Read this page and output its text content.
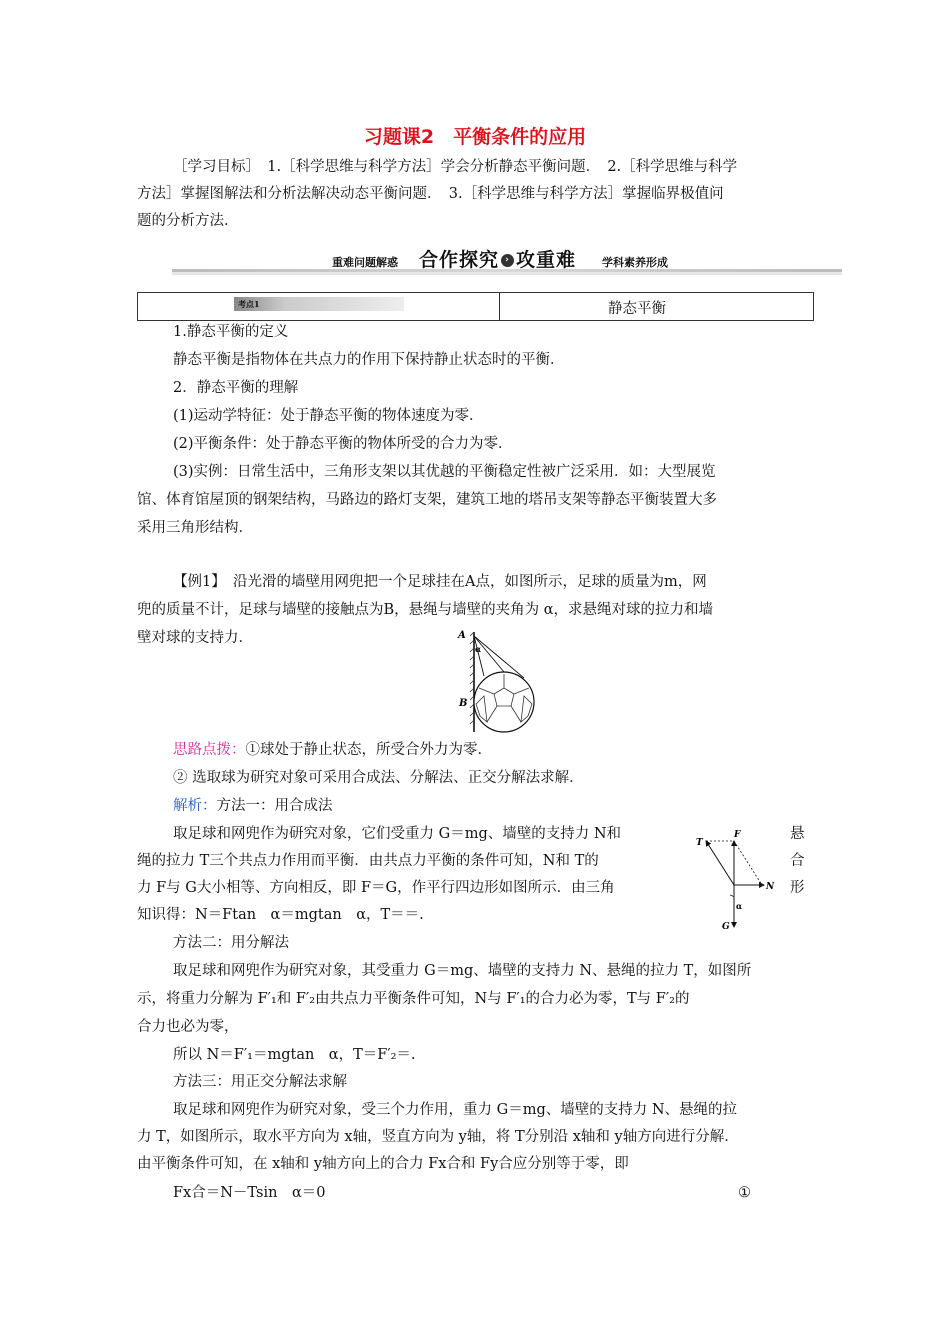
习题课2　平衡条件的应用
［学习目标］　1.［科学思维与科学方法］学会分析静态平衡问题．　2.［科学思维与科学
方法］掌握图解法和分析法解决动态平衡问题．　3.［科学思维与科学方法］掌握临界极值问
题的分析方法．
重难问题解惑 合作探究 › 攻重难 学科素养形成
考点1	静态平衡
1.静态平衡的定义
静态平衡是指物体在共点力的作用下保持静止状态时的平衡．
2．静态平衡的理解
(1)运动学特征：处于静态平衡的物体速度为零．
(2)平衡条件：处于静态平衡的物体所受的合力为零．
(3)实例：日常生活中，三角形支架以其优越的平衡稳定性被广泛采用．如：大型展览
馆、体育馆屋顶的钢架结构，马路边的路灯支架，建筑工地的塔吊支架等静态平衡装置大多
采用三角形结构．
【例1】　沿光滑的墙壁用网兜把一个足球挂在A点，如图所示，足球的质量为m，网
兜的质量不计，足球与墙壁的接触点为B，悬绳与墙壁的夹角为 α，求悬绳对球的拉力和墙
壁对球的支持力．	A
B
α
思路点拨：①球处于静止状态，所受合外力为零．
② 选取球为研究对象可采用合成法、分解法、正交分解法求解．
解析：方法一：用合成法
取足球和网兜作为研究对象，它们受重力 G＝mg、墙壁的支持力 N和
绳的拉力 T三个共点力作用而平衡．由共点力平衡的条件可知，N和 T的
力 F与 G大小相等、方向相反，即 F＝G，作平行四边形如图所示．由三角
知识得：N＝Ftan　α＝mgtan　α，T＝＝.
悬
合
形
T
F
N
G
α
方法二：用分解法
取足球和网兜作为研究对象，其受重力 G＝mg、墙壁的支持力 N、悬绳的拉力 T，如图所
示，将重力分解为 F′₁和 F′₂由共点力平衡条件可知，N与 F′₁的合力必为零，T与 F′₂的
合力也必为零，
所以 N＝F′₁＝mgtan　α，T＝F′₂＝.
方法三：用正交分解法求解
取足球和网兜作为研究对象，受三个力作用，重力 G＝mg、墙壁的支持力 N、悬绳的拉
力 T，如图所示，取水平方向为 x轴，竖直方向为 y轴，将 T分别沿 x轴和 y轴方向进行分解．
由平衡条件可知，在 x轴和 y轴方向上的合力 Fx合和 Fy合应分别等于零，即
Fx合＝N－Tsin　α＝0	①
